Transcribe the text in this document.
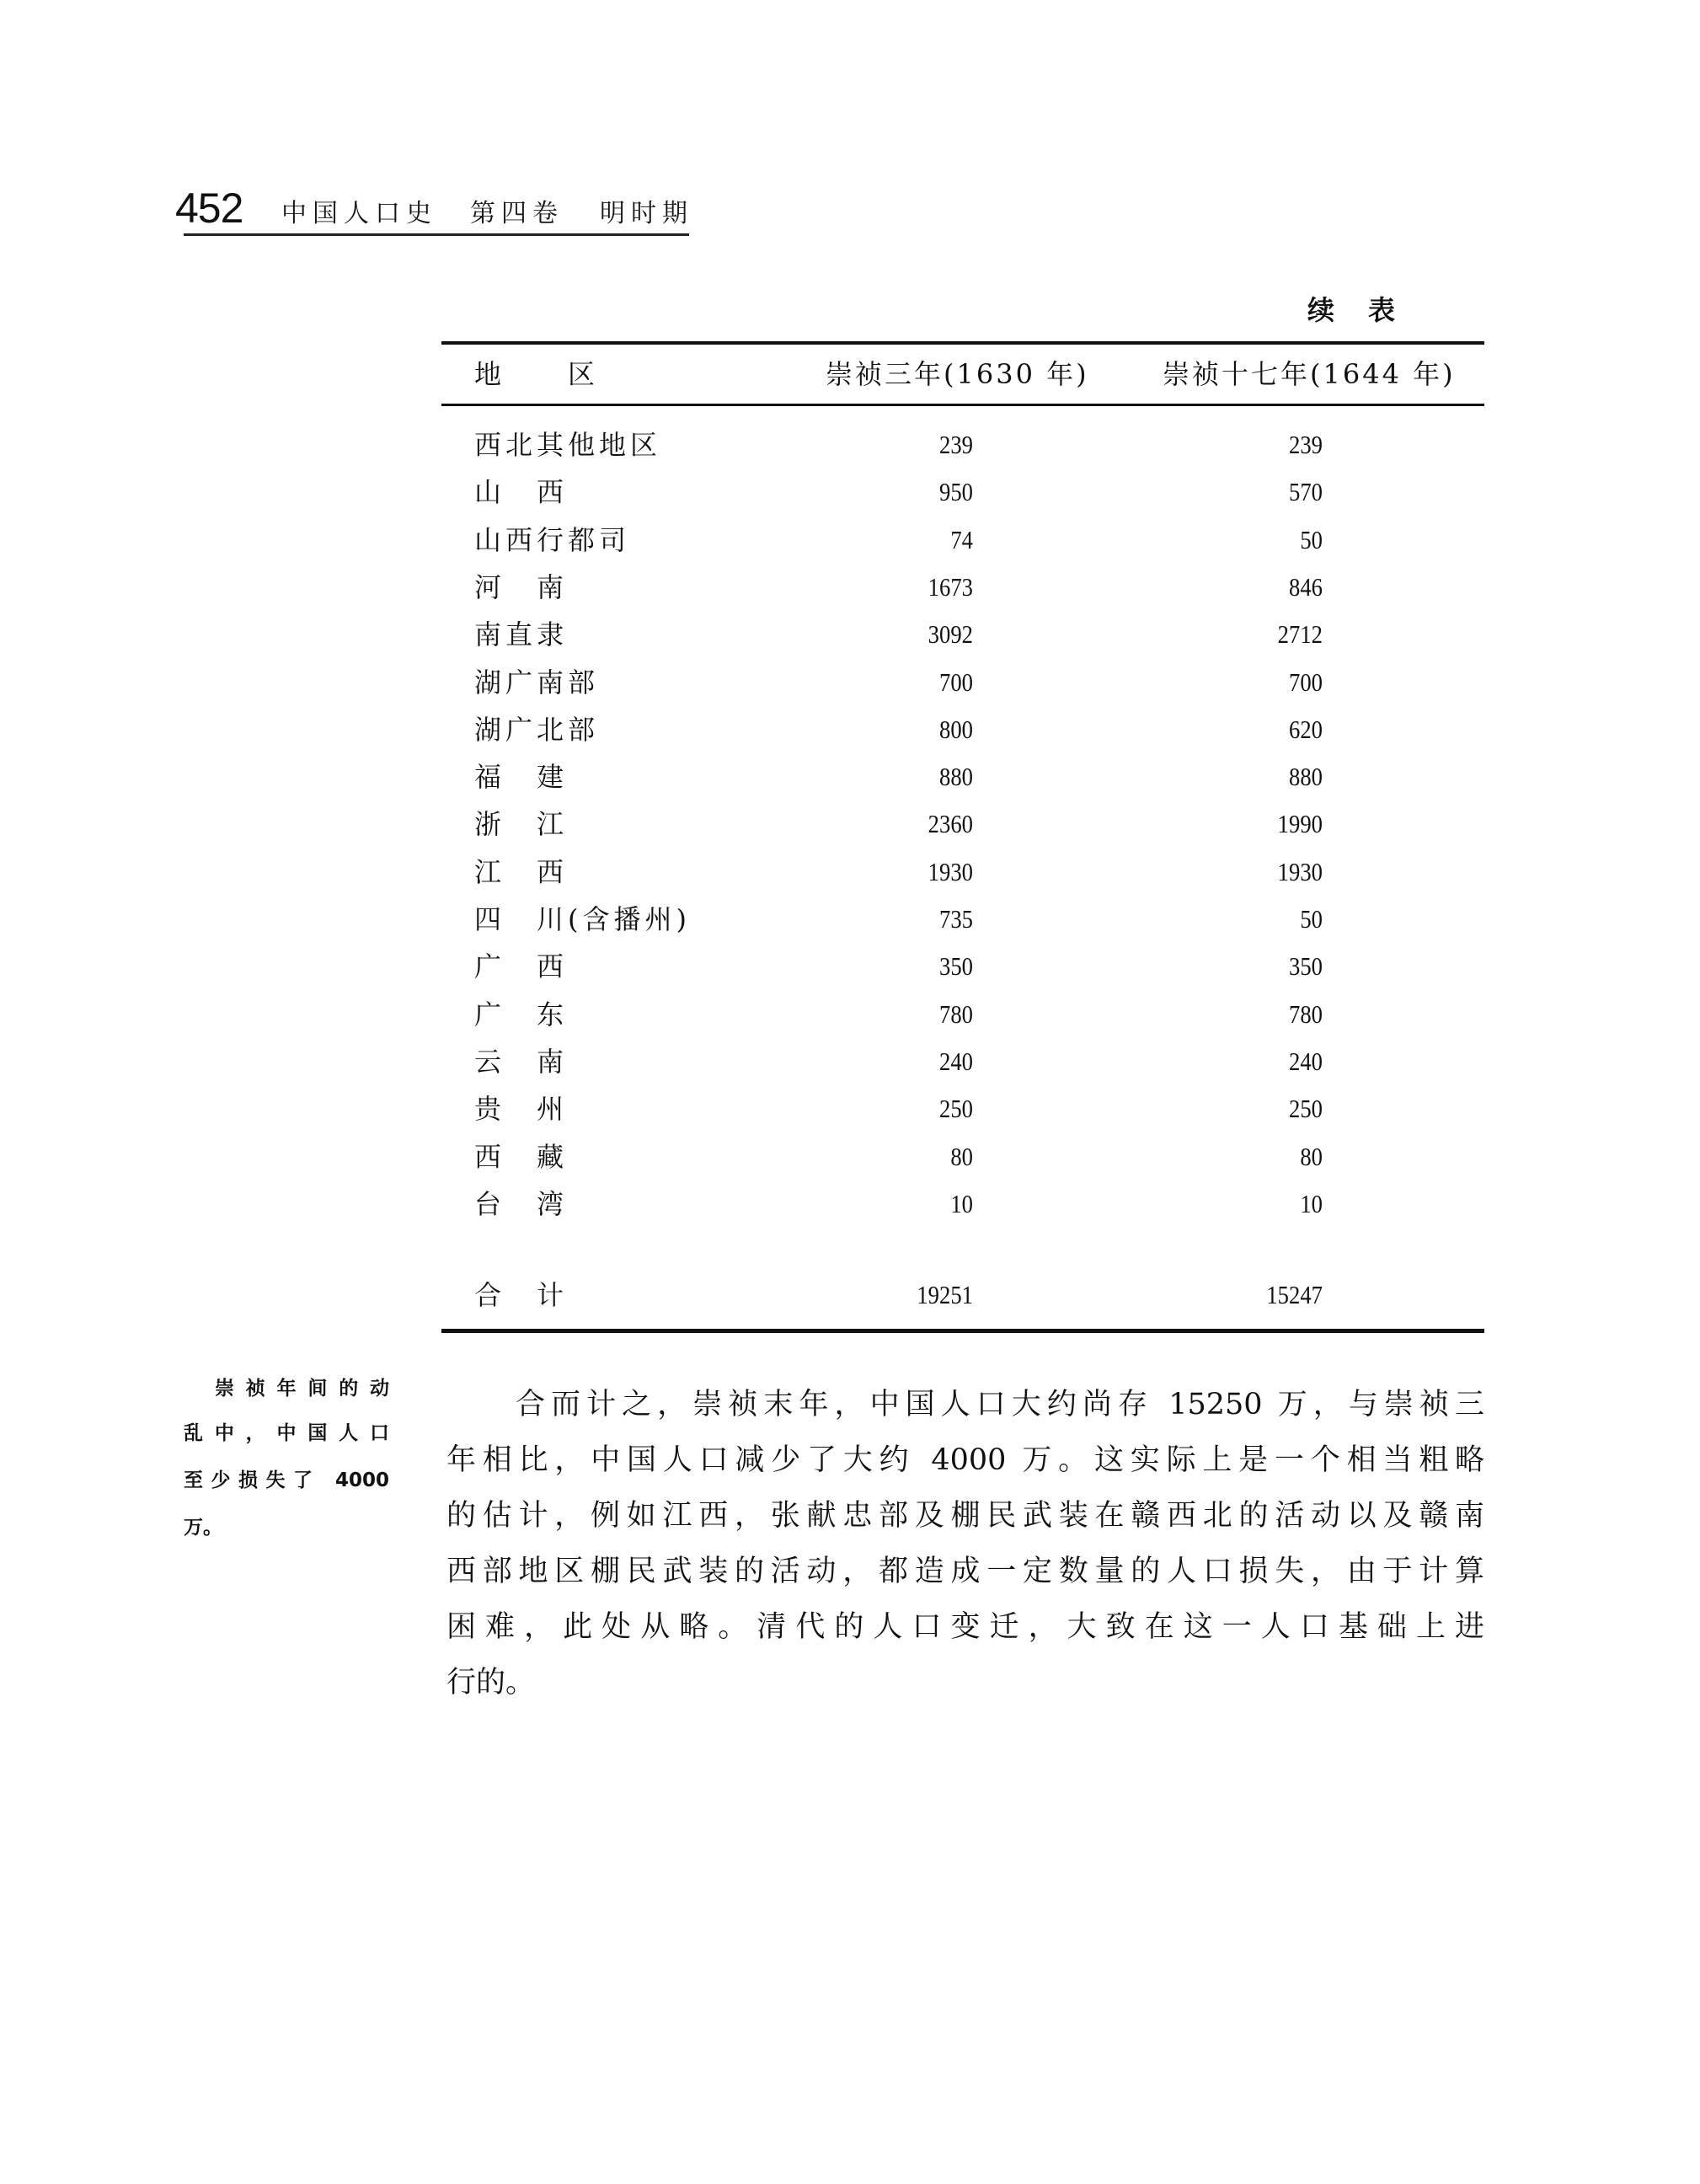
452 中国人口史 第四卷 明时期
续表
地　　区	崇祯三年(1630 年)	崇祯十七年(1644 年)
西北其他地区	239	239
山　西	950	570
山西行都司	74	50
河　南	1673	846
南直隶	3092	2712
湖广南部	700	700
湖广北部	800	620
福　建	880	880
浙　江	2360	1990
江　西	1930	1930
四　川(含播州)	735	50
广　西	350	350
广　东	780	780
云　南	240	240
贵　州	250	250
西　藏	80	80
台　湾	10	10
合　计	19251	15247
崇祯年间的动
乱中，中国人口
至少损失了 4000
万。
合而计之，崇祯末年，中国人口大约尚存 15250 万，与崇祯三
年相比，中国人口减少了大约 4000 万。这实际上是一个相当粗略
的估计，例如江西，张献忠部及棚民武装在赣西北的活动以及赣南
西部地区棚民武装的活动，都造成一定数量的人口损失，由于计算
困难，此处从略。清代的人口变迁，大致在这一人口基础上进
行的。
